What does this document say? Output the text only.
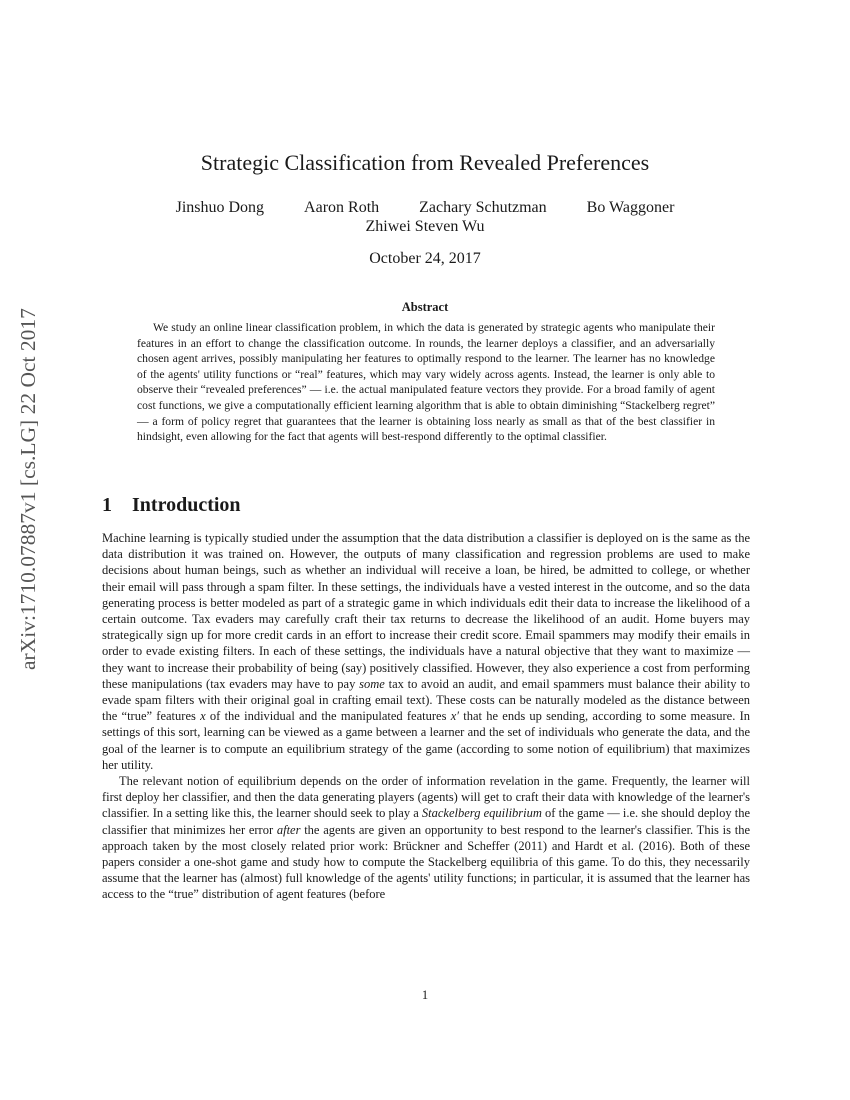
arXiv:1710.07887v1 [cs.LG] 22 Oct 2017
Strategic Classification from Revealed Preferences
Jinshuo Dong	Aaron Roth	Zachary Schutzman	Bo Waggoner
Zhiwei Steven Wu
October 24, 2017
Abstract

We study an online linear classification problem, in which the data is generated by strategic agents who manipulate their features in an effort to change the classification outcome. In rounds, the learner deploys a classifier, and an adversarially chosen agent arrives, possibly manipulating her features to optimally respond to the learner. The learner has no knowledge of the agents' utility functions or “real” features, which may vary widely across agents. Instead, the learner is only able to observe their “revealed preferences” — i.e. the actual manipulated feature vectors they provide. For a broad family of agent cost functions, we give a computationally efficient learning algorithm that is able to obtain diminishing “Stackelberg regret” — a form of policy regret that guarantees that the learner is obtaining loss nearly as small as that of the best classifier in hindsight, even allowing for the fact that agents will best-respond differently to the optimal classifier.

1 Introduction

Machine learning is typically studied under the assumption that the data distribution a classifier is deployed on is the same as the data distribution it was trained on. However, the outputs of many classification and regression problems are used to make decisions about human beings, such as whether an individual will receive a loan, be hired, be admitted to college, or whether their email will pass through a spam filter. In these settings, the individuals have a vested interest in the outcome, and so the data generating process is better modeled as part of a strategic game in which individuals edit their data to increase the likelihood of a certain outcome. Tax evaders may carefully craft their tax returns to decrease the likelihood of an audit. Home buyers may strategically sign up for more credit cards in an effort to increase their credit score. Email spammers may modify their emails in order to evade existing filters. In each of these settings, the individuals have a natural objective that they want to maximize — they want to increase their probability of being (say) positively classified. However, they also experience a cost from performing these manipulations (tax evaders may have to pay some tax to avoid an audit, and email spammers must balance their ability to evade spam filters with their original goal in crafting email text). These costs can be naturally modeled as the distance between the “true” features x of the individual and the manipulated features x′ that he ends up sending, according to some measure. In settings of this sort, learning can be viewed as a game between a learner and the set of individuals who generate the data, and the goal of the learner is to compute an equilibrium strategy of the game (according to some notion of equilibrium) that maximizes her utility.

The relevant notion of equilibrium depends on the order of information revelation in the game. Frequently, the learner will first deploy her classifier, and then the data generating players (agents) will get to craft their data with knowledge of the learner's classifier. In a setting like this, the learner should seek to play a Stackelberg equilibrium of the game — i.e. she should deploy the classifier that minimizes her error after the agents are given an opportunity to best respond to the learner's classifier. This is the approach taken by the most closely related prior work: Brückner and Scheffer (2011) and Hardt et al. (2016). Both of these papers consider a one-shot game and study how to compute the Stackelberg equilibria of this game. To do this, they necessarily assume that the learner has (almost) full knowledge of the agents' utility functions; in particular, it is assumed that the learner has access to the “true” distribution of agent features (before

1
